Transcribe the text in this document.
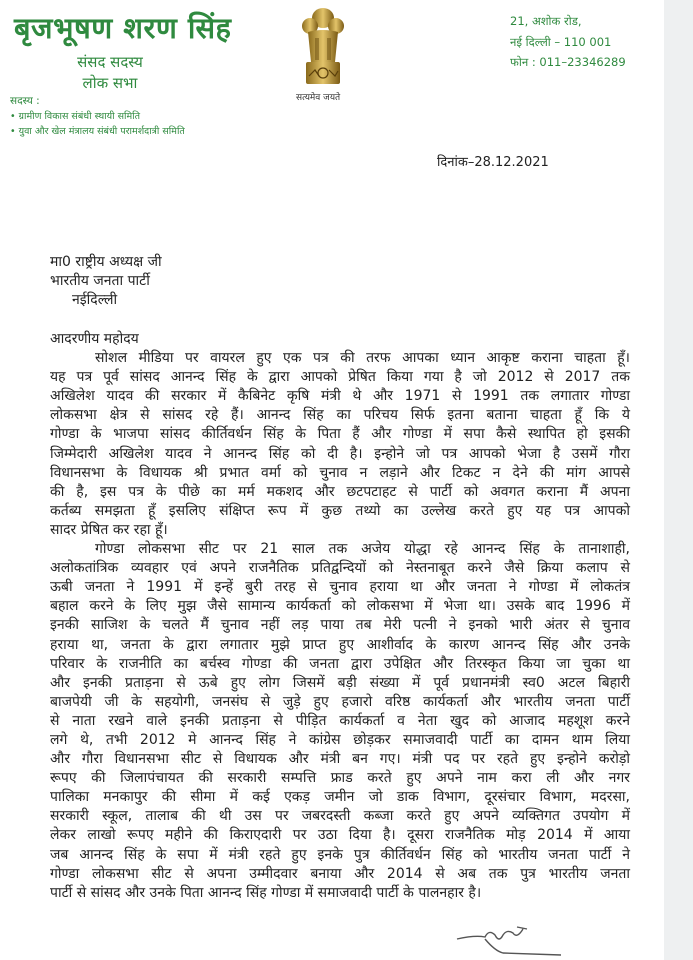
बृजभूषण शरण सिंह
संसद सदस्य
लोक सभा
सदस्य :
• ग्रामीण विकास संबंधी स्थायी समिति
• युवा और खेल मंत्रालय संबंधी परामर्शदात्री समिति
सत्यमेव जयते
21, अशोक रोड,
नई दिल्ली – 110 001
फोन : 011–23346289
दिनांक–28.12.2021
मा0 राष्ट्रीय अध्यक्ष जी
भारतीय जनता पार्टी
नईदिल्ली
आदरणीय महोदय
सोशल मीडिया पर वायरल हुए एक पत्र की तरफ आपका ध्यान आकृष्ट कराना चाहता हूँ।
यह पत्र पूर्व सांसद आनन्द सिंह के द्वारा आपको प्रेषित किया गया है जो 2012 से 2017 तक
अखिलेश यादव की सरकार में कैबिनेट कृषि मंत्री थे और 1971 से 1991 तक लगातार गोण्डा
लोकसभा क्षेत्र से सांसद रहे हैं। आनन्द सिंह का परिचय सिर्फ इतना बताना चाहता हूँ कि ये
गोण्डा के भाजपा सांसद कीर्तिवर्धन सिंह के पिता हैं और गोण्डा में सपा कैसे स्थापित हो इसकी
जिम्मेदारी अखिलेश यादव ने आनन्द सिंह को दी है। इन्होने जो पत्र आपको भेजा है उसमें गौरा
विधानसभा के विधायक श्री प्रभात वर्मा को चुनाव न लड़ाने और टिकट न देने की मांग आपसे
की है, इस पत्र के पीछे का मर्म मकशद और छटपटाहट से पार्टी को अवगत कराना मैं अपना
कर्तब्य समझता हूँ इसलिए संक्षिप्त रूप में कुछ तथ्यो का उल्लेख करते हुए यह पत्र आपको
सादर प्रेषित कर रहा हूँ।
गोण्डा लोकसभा सीट पर 21 साल तक अजेय योद्धा रहे आनन्द सिंह के तानाशाही,
अलोकतांत्रिक व्यवहार एवं अपने राजनैतिक प्रतिद्वन्दियों को नेस्तनाबूत करने जैसे क्रिया कलाप से
ऊबी जनता ने 1991 में इन्हें बुरी तरह से चुनाव हराया था और जनता ने गोण्डा में लोकतंत्र
बहाल करने के लिए मुझ जैसे सामान्य कार्यकर्ता को लोकसभा में भेजा था। उसके बाद 1996 में
इनकी साजिश के चलते मैं चुनाव नहीं लड़ पाया तब मेरी पत्नी ने इनको भारी अंतर से चुनाव
हराया था, जनता के द्वारा लगातार मुझे प्राप्त हुए आशीर्वाद के कारण आनन्द सिंह और उनके
परिवार के राजनीति का बर्चस्व गोण्डा की जनता द्वारा उपेक्षित और तिरस्कृत किया जा चुका था
और इनकी प्रताड़ना से ऊबे हुए लोग जिसमें बड़ी संख्या में पूर्व प्रधानमंत्री स्व0 अटल बिहारी
बाजपेयी जी के सहयोगी, जनसंघ से जुड़े हुए हजारो वरिष्ठ कार्यकर्ता और भारतीय जनता पार्टी
से नाता रखने वाले इनकी प्रताड़ना से पीड़ित कार्यकर्ता व नेता खुद को आजाद महशूश करने
लगे थे, तभी 2012 मे आनन्द सिंह ने कांग्रेस छोड़कर समाजवादी पार्टी का दामन थाम लिया
और गौरा विधानसभा सीट से विधायक और मंत्री बन गए। मंत्री पद पर रहते हुए इन्होने करोड़ो
रूपए की जिलापंचायत की सरकारी सम्पत्ति फ्राड करते हुए अपने नाम करा ली और नगर
पालिका मनकापुर की सीमा में कई एकड़ जमीन जो डाक विभाग, दूरसंचार विभाग, मदरसा,
सरकारी स्कूल, तालाब की थी उस पर जबरदस्ती कब्जा करते हुए अपने व्यक्तिगत उपयोग में
लेकर लाखो रूपए महीने की किराएदारी पर उठा दिया है। दूसरा राजनैतिक मोड़ 2014 में आया
जब आनन्द सिंह के सपा में मंत्री रहते हुए इनके पुत्र कीर्तिवर्धन सिंह को भारतीय जनता पार्टी ने
गोण्डा लोकसभा सीट से अपना उम्मीदवार बनाया और 2014 से अब तक पुत्र भारतीय जनता
पार्टी से सांसद और उनके पिता आनन्द सिंह गोण्डा में समाजवादी पार्टी के पालनहार है।
